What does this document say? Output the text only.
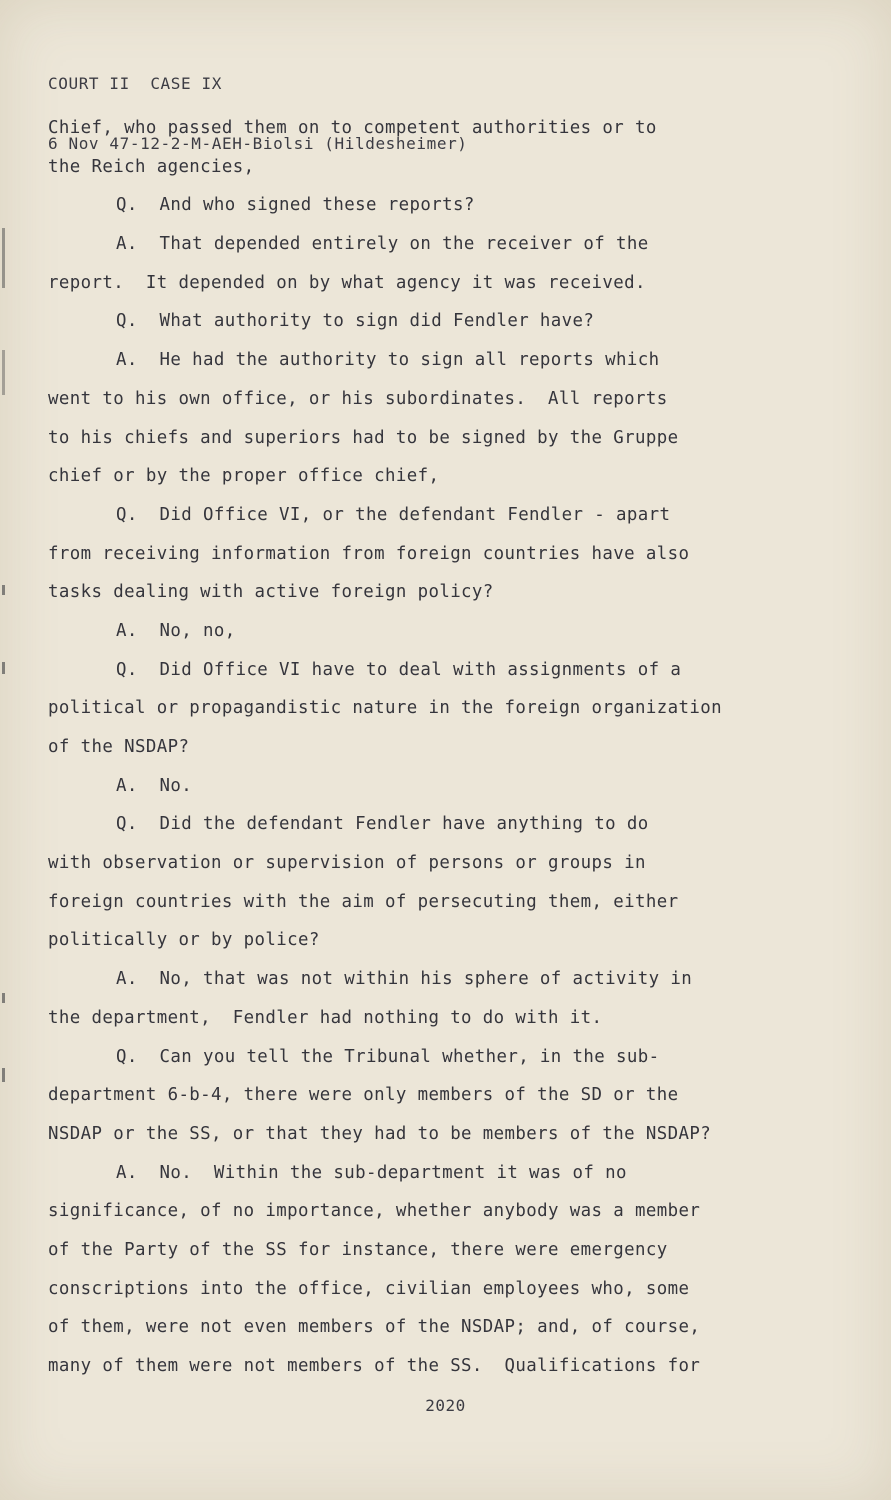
COURT II  CASE IX

6 Nov 47-12-2-M-AEH-Biolsi (Hildesheimer)

Chief, who passed them on to competent authorities or to
the Reich agencies,
Q.  And who signed these reports?
A.  That depended entirely on the receiver of the
report.  It depended on by what agency it was received.
Q.  What authority to sign did Fendler have?
A.  He had the authority to sign all reports which
went to his own office, or his subordinates.  All reports
to his chiefs and superiors had to be signed by the Gruppe
chief or by the proper office chief,
Q.  Did Office VI, or the defendant Fendler - apart
from receiving information from foreign countries have also
tasks dealing with active foreign policy?
A.  No, no,
Q.  Did Office VI have to deal with assignments of a
political or propagandistic nature in the foreign organization
of the NSDAP?
A.  No.
Q.  Did the defendant Fendler have anything to do
with observation or supervision of persons or groups in
foreign countries with the aim of persecuting them, either
politically or by police?
A.  No, that was not within his sphere of activity in
the department,  Fendler had nothing to do with it.
Q.  Can you tell the Tribunal whether, in the sub-
department 6-b-4, there were only members of the SD or the
NSDAP or the SS, or that they had to be members of the NSDAP?
A.  No.  Within the sub-department it was of no
significance, of no importance, whether anybody was a member
of the Party of the SS for instance, there were emergency
conscriptions into the office, civilian employees who, some
of them, were not even members of the NSDAP; and, of course,
many of them were not members of the SS.  Qualifications for
2020
